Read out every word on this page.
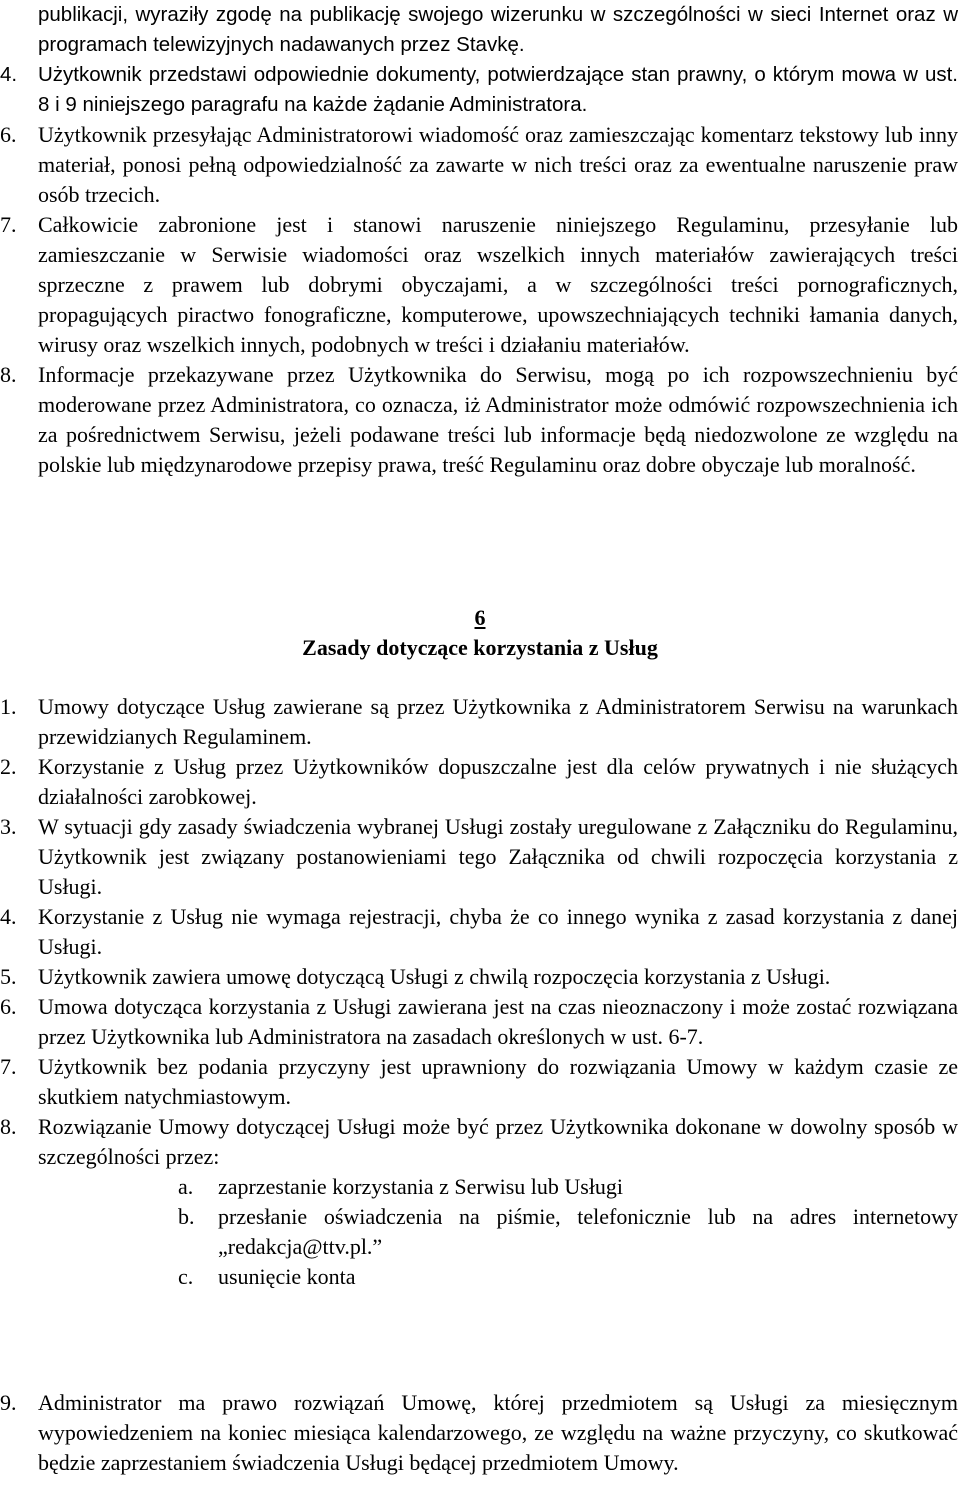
publikacji, wyraziły zgodę na publikację swojego wizerunku w szczególności w sieci Internet oraz w programach telewizyjnych nadawanych przez Stavkę.
4.	Użytkownik przedstawi odpowiednie dokumenty, potwierdzające stan prawny, o którym mowa w ust. 8 i 9 niniejszego paragrafu na każde żądanie Administratora.
6. Użytkownik przesyłając Administratorowi wiadomość oraz zamieszczając komentarz tekstowy lub inny materiał, ponosi pełną odpowiedzialność za zawarte w nich treści oraz za ewentualne naruszenie praw osób trzecich.
7. Całkowicie zabronione jest i stanowi naruszenie niniejszego Regulaminu, przesyłanie lub zamieszczanie w Serwisie wiadomości oraz wszelkich innych materiałów zawierających treści sprzeczne z prawem lub dobrymi obyczajami, a w szczególności treści pornograficznych, propagujących piractwo fonograficzne, komputerowe, upowszechniających techniki łamania danych, wirusy oraz wszelkich innych, podobnych w treści i działaniu materiałów.
8. Informacje przekazywane przez Użytkownika do Serwisu, mogą po ich rozpowszechnieniu być moderowane przez Administratora, co oznacza, iż Administrator może odmówić rozpowszechnienia ich za pośrednictwem Serwisu, jeżeli podawane treści lub informacje będą niedozwolone ze względu na polskie lub międzynarodowe przepisy prawa, treść Regulaminu oraz dobre obyczaje lub moralność.
6
Zasady dotyczące korzystania z Usług
1. Umowy dotyczące Usług zawierane są przez Użytkownika z Administratorem Serwisu na warunkach przewidzianych Regulaminem.
2. Korzystanie z Usług przez Użytkowników dopuszczalne jest dla celów prywatnych i nie służących działalności zarobkowej.
3. W sytuacji gdy zasady świadczenia wybranej Usługi zostały uregulowane z Załączniku do Regulaminu, Użytkownik jest związany postanowieniami tego Załącznika od chwili rozpoczęcia korzystania z Usługi.
4. Korzystanie z Usług nie wymaga rejestracji, chyba że co innego wynika z zasad korzystania z danej Usługi.
5. Użytkownik zawiera umowę dotyczącą Usługi z chwilą rozpoczęcia korzystania z Usługi.
6. Umowa dotycząca korzystania z Usługi zawierana jest na czas nieoznaczony i może zostać rozwiązana przez Użytkownika lub Administratora na zasadach określonych w ust. 6-7.
7. Użytkownik bez podania przyczyny jest uprawniony do rozwiązania Umowy w każdym czasie ze skutkiem natychmiastowym.
8. Rozwiązanie Umowy dotyczącej Usługi może być przez Użytkownika dokonane w dowolny sposób w szczególności przez:
a.	zaprzestanie korzystania z Serwisu lub Usługi
b.	przesłanie oświadczenia na piśmie, telefonicznie lub na adres internetowy „redakcja@ttv.pl.”
c.	usunięcie konta
9. Administrator ma prawo rozwiązań Umowę, której przedmiotem są Usługi za miesięcznym wypowiedzeniem na koniec miesiąca kalendarzowego, ze względu na ważne przyczyny, co skutkować będzie zaprzestaniem świadczenia Usługi będącej przedmiotem Umowy.
